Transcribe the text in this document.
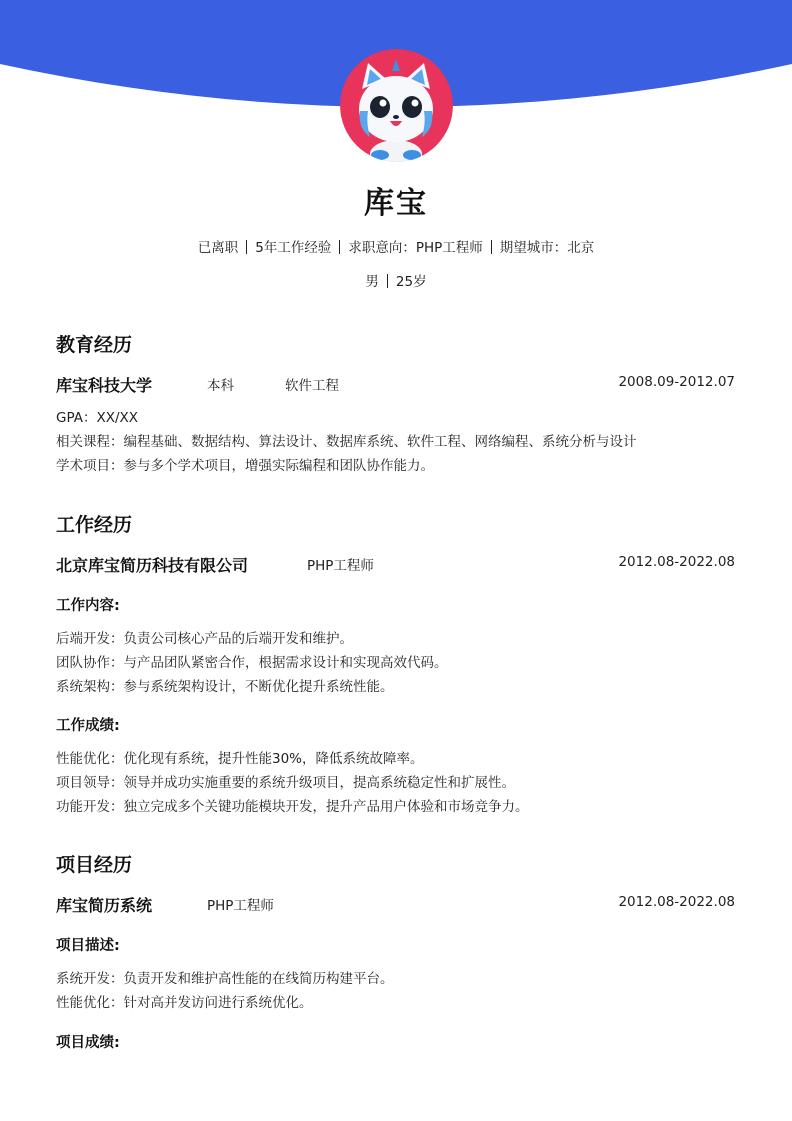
库宝
已离职 5年工作经验 求职意向：PHP工程师 期望城市：北京
男 25岁
教育经历
库宝科技大学	本科	软件工程	2008.09-2012.07
GPA：XX/XX
相关课程：编程基础、数据结构、算法设计、数据库系统、软件工程、网络编程、系统分析与设计
学术项目：参与多个学术项目，增强实际编程和团队协作能力。
工作经历
北京库宝简历科技有限公司	PHP工程师	2012.08-2022.08
工作内容:
后端开发：负责公司核心产品的后端开发和维护。
团队协作：与产品团队紧密合作，根据需求设计和实现高效代码。
系统架构：参与系统架构设计，不断优化提升系统性能。
工作成绩:
性能优化：优化现有系统，提升性能30%，降低系统故障率。
项目领导：领导并成功实施重要的系统升级项目，提高系统稳定性和扩展性。
功能开发：独立完成多个关键功能模块开发，提升产品用户体验和市场竞争力。
项目经历
库宝简历系统	PHP工程师	2012.08-2022.08
项目描述:
系统开发：负责开发和维护高性能的在线简历构建平台。
性能优化：针对高并发访问进行系统优化。
项目成绩:
